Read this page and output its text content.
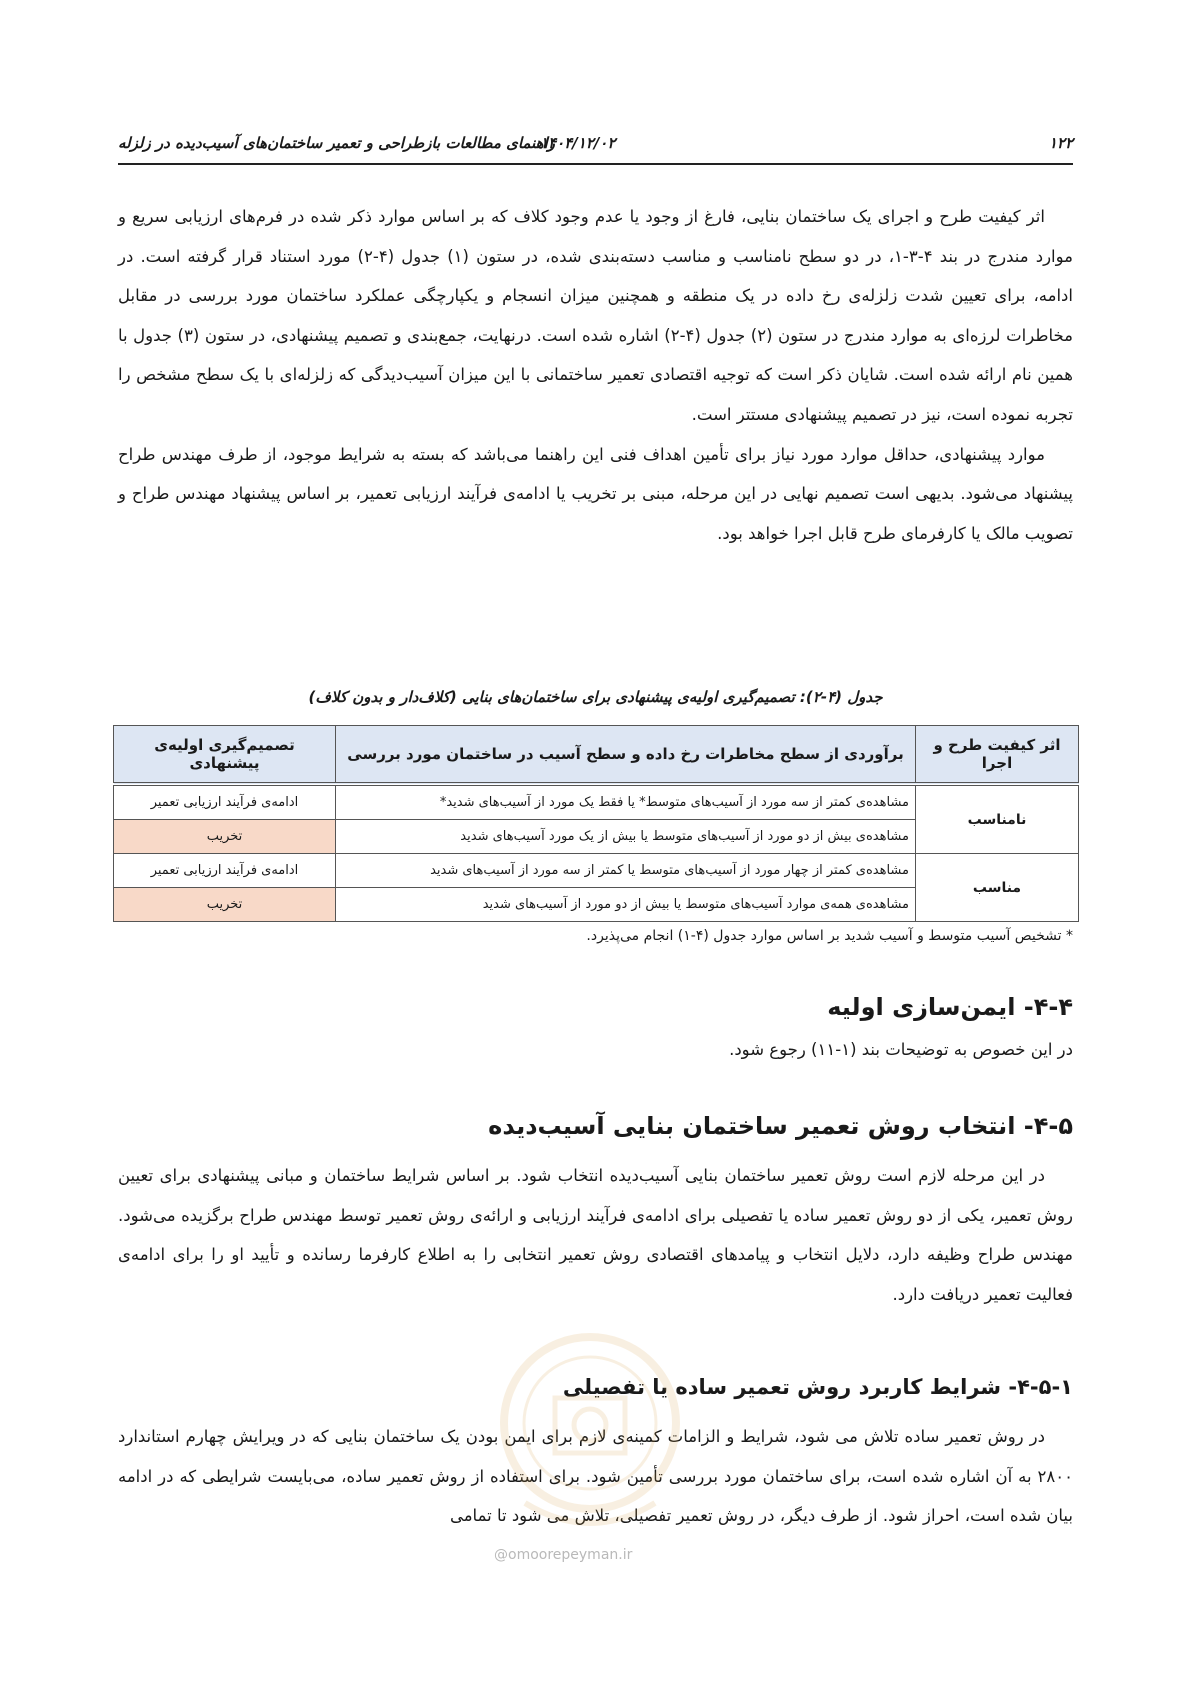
۱۲۲
۱۴۰۴/۱۲/۰۲
راهنمای مطالعات بازطراحی و تعمیر ساختمان‌های آسیب‌دیده در زلزله

اثر کیفیت طرح و اجرای یک ساختمان بنایی، فارغ از وجود یا عدم وجود کلاف که بر اساس موارد ذکر شده در فرم‌های ارزیابی سریع و موارد مندرج در بند ۴-۳-۱، در دو سطح نامناسب و مناسب دسته‌بندی شده، در ستون (۱) جدول (۴-۲) مورد استناد قرار گرفته است. در ادامه، برای تعیین شدت زلزله‌ی رخ داده در یک منطقه و همچنین میزان انسجام و یکپارچگی عملکرد ساختمان مورد بررسی در مقابل مخاطرات لرزه‌ای به موارد مندرج در ستون (۲) جدول (۴-۲) اشاره شده است. درنهایت، جمع‌بندی و تصمیم پیشنهادی، در ستون (۳) جدول با همین نام ارائه شده است. شایان ذکر است که توجیه اقتصادی تعمیر ساختمانی با این میزان آسیب‌دیدگی که زلزله‌ای با یک سطح مشخص را تجربه نموده است، نیز در تصمیم پیشنهادی مستتر است.

موارد پیشنهادی، حداقل موارد مورد نیاز برای تأمین اهداف فنی این راهنما می‌باشد که بسته به شرایط موجود، از طرف مهندس طراح پیشنهاد می‌شود. بدیهی است تصمیم نهایی در این مرحله، مبنی بر تخریب یا ادامه‌ی فرآیند ارزیابی تعمیر، بر اساس پیشنهاد مهندس طراح و تصویب مالک یا کارفرمای طرح قابل اجرا خواهد بود.

جدول (۴-۲): تصمیم‌گیری اولیه‌ی پیشنهادی برای ساختمان‌های بنایی (کلاف‌دار و بدون کلاف)
اثر کیفیت طرح و اجرا	برآوردی از سطح مخاطرات رخ داده و سطح آسیب در ساختمان مورد بررسی	تصمیم‌گیری اولیه‌ی پیشنهادی
نامناسب	مشاهده‌ی کمتر از سه مورد از آسیب‌های متوسط* یا فقط یک مورد از آسیب‌های شدید*	ادامه‌ی فرآیند ارزیابی تعمیر
	مشاهده‌ی بیش از دو مورد از آسیب‌های متوسط یا بیش از یک مورد آسیب‌های شدید	تخریب
مناسب	مشاهده‌ی کمتر از چهار مورد از آسیب‌های متوسط یا کمتر از سه مورد از آسیب‌های شدید	ادامه‌ی فرآیند ارزیابی تعمیر
	مشاهده‌ی همه‌ی موارد آسیب‌های متوسط یا بیش از دو مورد از آسیب‌های شدید	تخریب
* تشخیص آسیب متوسط و آسیب شدید بر اساس موارد جدول (۴-۱) انجام می‌پذیرد.
۴-۴- ایمن‌سازی اولیه
در این خصوص به توضیحات بند (۱-۱۱) رجوع شود.
۴-۵- انتخاب روش تعمیر ساختمان بنایی آسیب‌دیده

در این مرحله لازم است روش تعمیر ساختمان بنایی آسیب‌دیده انتخاب شود. بر اساس شرایط ساختمان و مبانی پیشنهادی برای تعیین روش تعمیر، یکی از دو روش تعمیر ساده یا تفصیلی برای ادامه‌ی فرآیند ارزیابی و ارائه‌ی روش تعمیر توسط مهندس طراح برگزیده می‌شود. مهندس طراح وظیفه دارد، دلایل انتخاب و پیامدهای اقتصادی روش تعمیر انتخابی را به اطلاع کارفرما رسانده و تأیید او را برای ادامه‌ی فعالیت تعمیر دریافت دارد.

۴-۵-۱- شرایط کاربرد روش تعمیر ساده یا تفصیلی

در روش تعمیر ساده تلاش می شود، شرایط و الزامات کمینه‌ی لازم برای ایمن بودن یک ساختمان بنایی که در ویرایش چهارم استاندارد ۲۸۰۰ به آن اشاره شده است، برای ساختمان مورد بررسی تأمین شود. برای استفاده از روش تعمیر ساده، می‌بایست شرایطی که در ادامه بیان شده است، احراز شود. از طرف دیگر، در روش تعمیر تفصیلی، تلاش می شود تا تمامی

@omoorepeyman.ir
